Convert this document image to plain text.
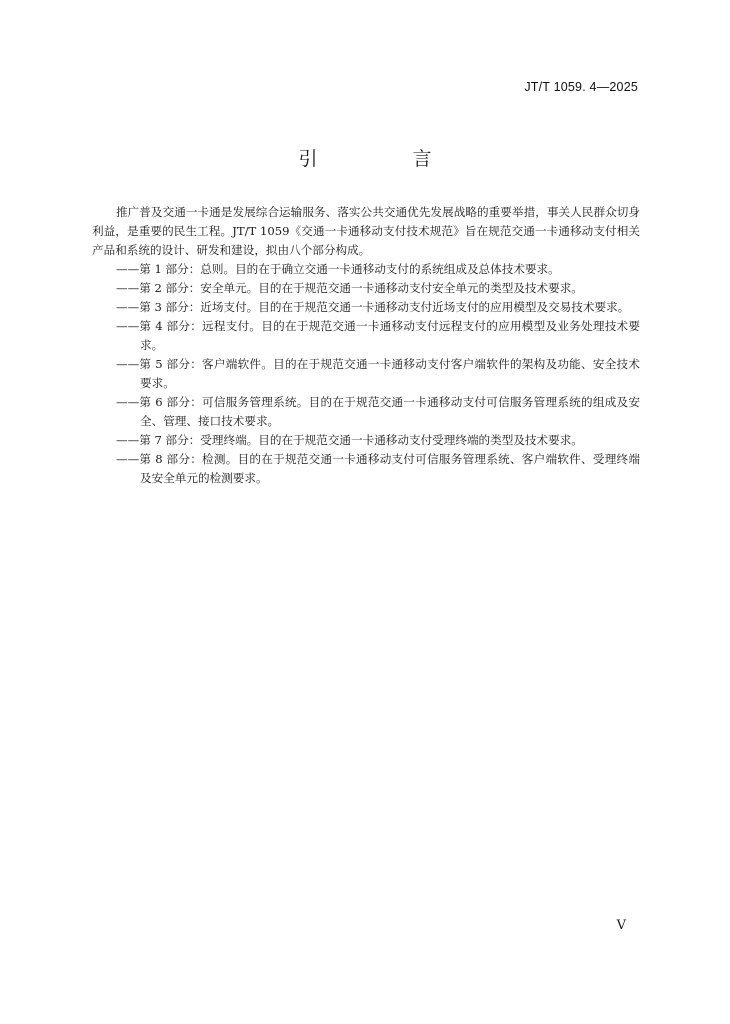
JT/T 1059. 4—2025
引　言

推广普及交通一卡通是发展综合运输服务、落实公共交通优先发展战略的重要举措，事关人民群众切身利益，是重要的民生工程。JT/T 1059《交通一卡通移动支付技术规范》旨在规范交通一卡通移动支付相关产品和系统的设计、研发和建设，拟由八个部分构成。

——第 1 部分：总则。目的在于确立交通一卡通移动支付的系统组成及总体技术要求。
——第 2 部分：安全单元。目的在于规范交通一卡通移动支付安全单元的类型及技术要求。
——第 3 部分：近场支付。目的在于规范交通一卡通移动支付近场支付的应用模型及交易技术要求。
——第 4 部分：远程支付。目的在于规范交通一卡通移动支付远程支付的应用模型及业务处理技术要求。
——第 5 部分：客户端软件。目的在于规范交通一卡通移动支付客户端软件的架构及功能、安全技术要求。
——第 6 部分：可信服务管理系统。目的在于规范交通一卡通移动支付可信服务管理系统的组成及安全、管理、接口技术要求。
——第 7 部分：受理终端。目的在于规范交通一卡通移动支付受理终端的类型及技术要求。
——第 8 部分：检测。目的在于规范交通一卡通移动支付可信服务管理系统、客户端软件、受理终端及安全单元的检测要求。
V
